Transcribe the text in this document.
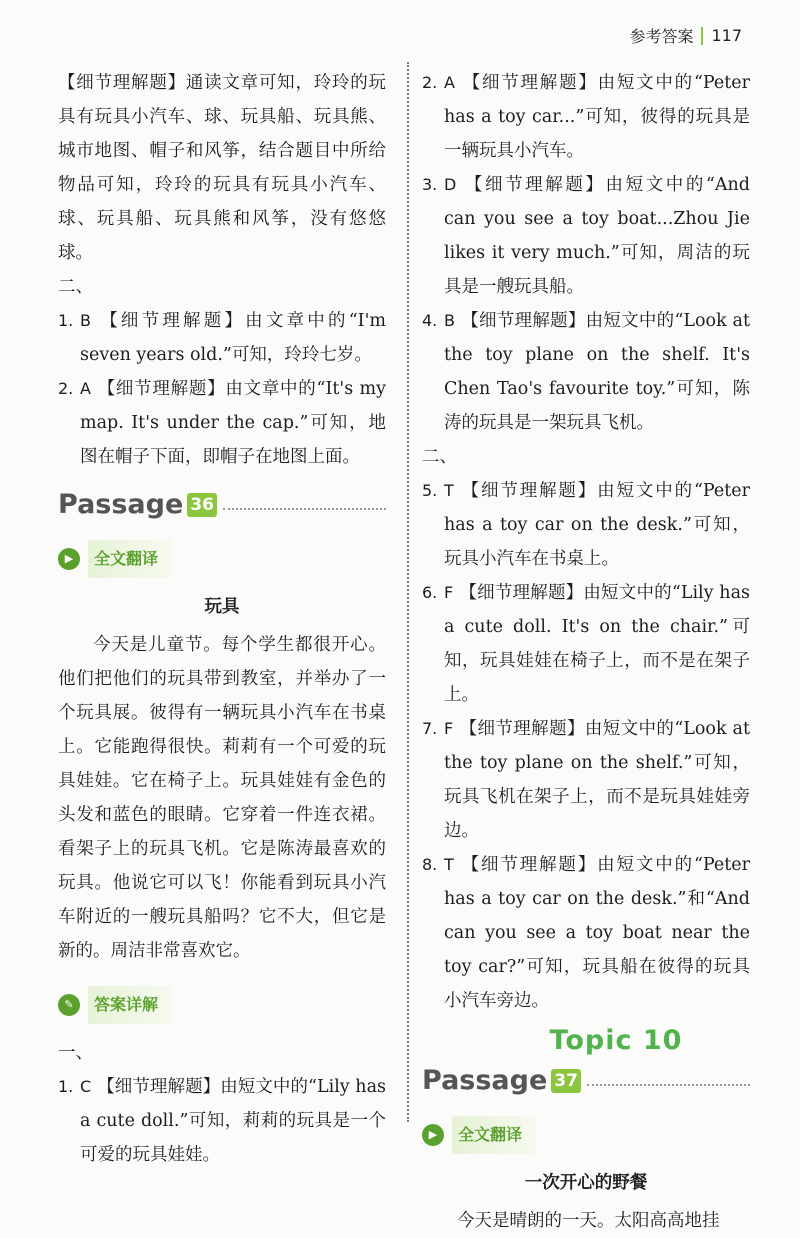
参考答案 117

【细节理解题】通读文章可知，玲玲的玩具有玩具小汽车、球、玩具船、玩具熊、城市地图、帽子和风筝，结合题目中所给物品可知，玲玲的玩具有玩具小汽车、球、玩具船、玩具熊和风筝，没有悠悠球。

二、

1. B 【细节理解题】由文章中的“I'm seven years old.”可知，玲玲七岁。

2. A 【细节理解题】由文章中的“It's my map. It's under the cap.”可知，地图在帽子下面，即帽子在地图上面。

Passage 36
▶	全文翻译
玩具

今天是儿童节。每个学生都很开心。他们把他们的玩具带到教室，并举办了一个玩具展。彼得有一辆玩具小汽车在书桌上。它能跑得很快。莉莉有一个可爱的玩具娃娃。它在椅子上。玩具娃娃有金色的头发和蓝色的眼睛。它穿着一件连衣裙。看架子上的玩具飞机。它是陈涛最喜欢的玩具。他说它可以飞！你能看到玩具小汽车附近的一艘玩具船吗？它不大，但它是新的。周洁非常喜欢它。

✎	答案详解

一、

1. C 【细节理解题】由短文中的“Lily has a cute doll.”可知，莉莉的玩具是一个可爱的玩具娃娃。

2. A 【细节理解题】由短文中的“Peter has a toy car...”可知，彼得的玩具是一辆玩具小汽车。

3. D 【细节理解题】由短文中的“And can you see a toy boat...Zhou Jie likes it very much.”可知，周洁的玩具是一艘玩具船。

4. B 【细节理解题】由短文中的“Look at the toy plane on the shelf. It's Chen Tao's favourite toy.”可知，陈涛的玩具是一架玩具飞机。

二、

5. T 【细节理解题】由短文中的“Peter has a toy car on the desk.”可知，玩具小汽车在书桌上。

6. F 【细节理解题】由短文中的“Lily has a cute doll. It's on the chair.”可知，玩具娃娃在椅子上，而不是在架子上。

7. F 【细节理解题】由短文中的“Look at the toy plane on the shelf.”可知，玩具飞机在架子上，而不是玩具娃娃旁边。

8. T 【细节理解题】由短文中的“Peter has a toy car on the desk.”和“And can you see a toy boat near the toy car?”可知，玩具船在彼得的玩具小汽车旁边。

Topic 10
Passage 37
▶	全文翻译
一次开心的野餐

今天是晴朗的一天。太阳高高地挂
